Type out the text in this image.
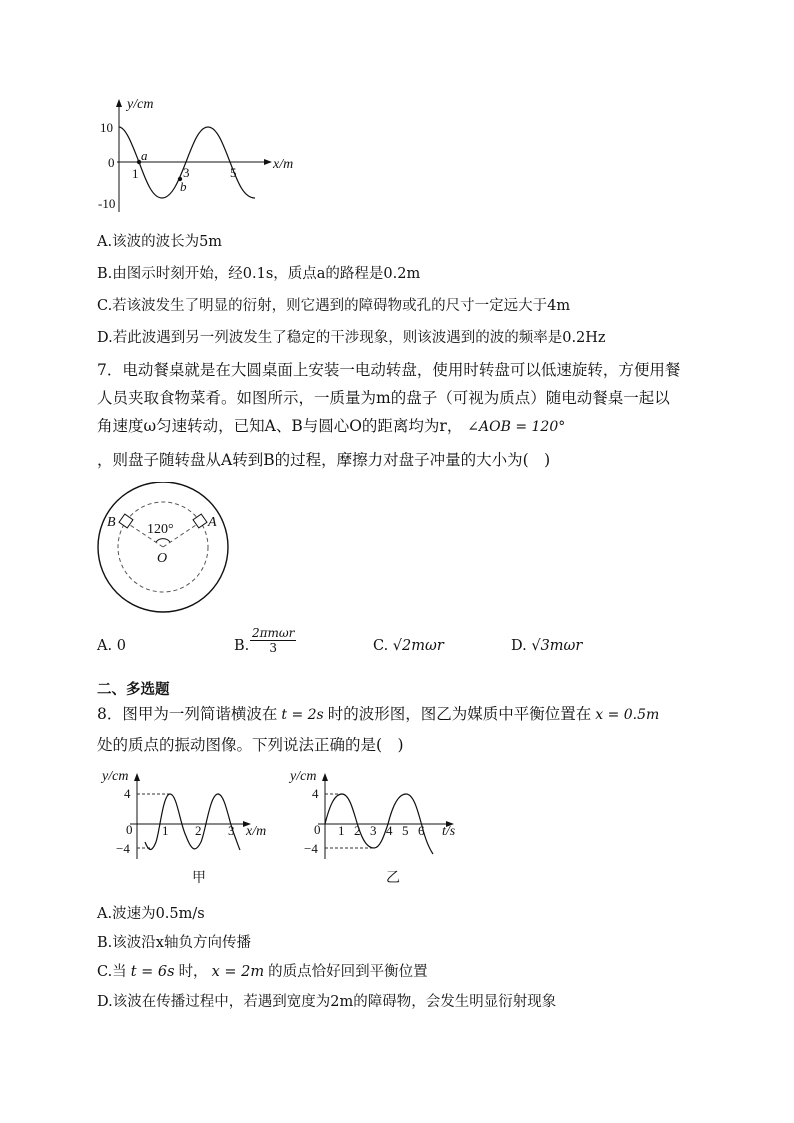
y/cm
x/m
10
0
-10
1	3	5
a
b
A.该波的波长为5m
B.由图示时刻开始，经0.1s，质点a的路程是0.2m
C.若该波发生了明显的衍射，则它遇到的障碍物或孔的尺寸一定远大于4m
D.若此波遇到另一列波发生了稳定的干涉现象，则该波遇到的波的频率是0.2Hz
7．电动餐桌就是在大圆桌面上安装一电动转盘，使用时转盘可以低速旋转，方便用餐
人员夹取食物菜肴。如图所示，一质量为m的盘子（可视为质点）随电动餐桌一起以
角速度ω匀速转动，已知A、B与圆心O的距离均为r， ∠AOB = 120°
，则盘子随转盘从A转到B的过程，摩擦力对盘子冲量的大小为(　)
A
B
O
120°
A. 0	B.
2πmωr
3	C. √2mωr	D. √3mωr
二、多选题
8．图甲为一列简谐横波在 t = 2s 时的波形图，图乙为媒质中平衡位置在 x = 0.5m
处的质点的振动图像。下列说法正确的是(　)
y/cm
x/m
4
0
−4
1 2 3
甲
y/cm
t/s
4
0
−4
1 2 3 4 5 6
乙
A.波速为0.5m/s
B.该波沿x轴负方向传播
C.当 t = 6s 时， x = 2m 的质点恰好回到平衡位置
D.该波在传播过程中，若遇到宽度为2m的障碍物，会发生明显衍射现象
